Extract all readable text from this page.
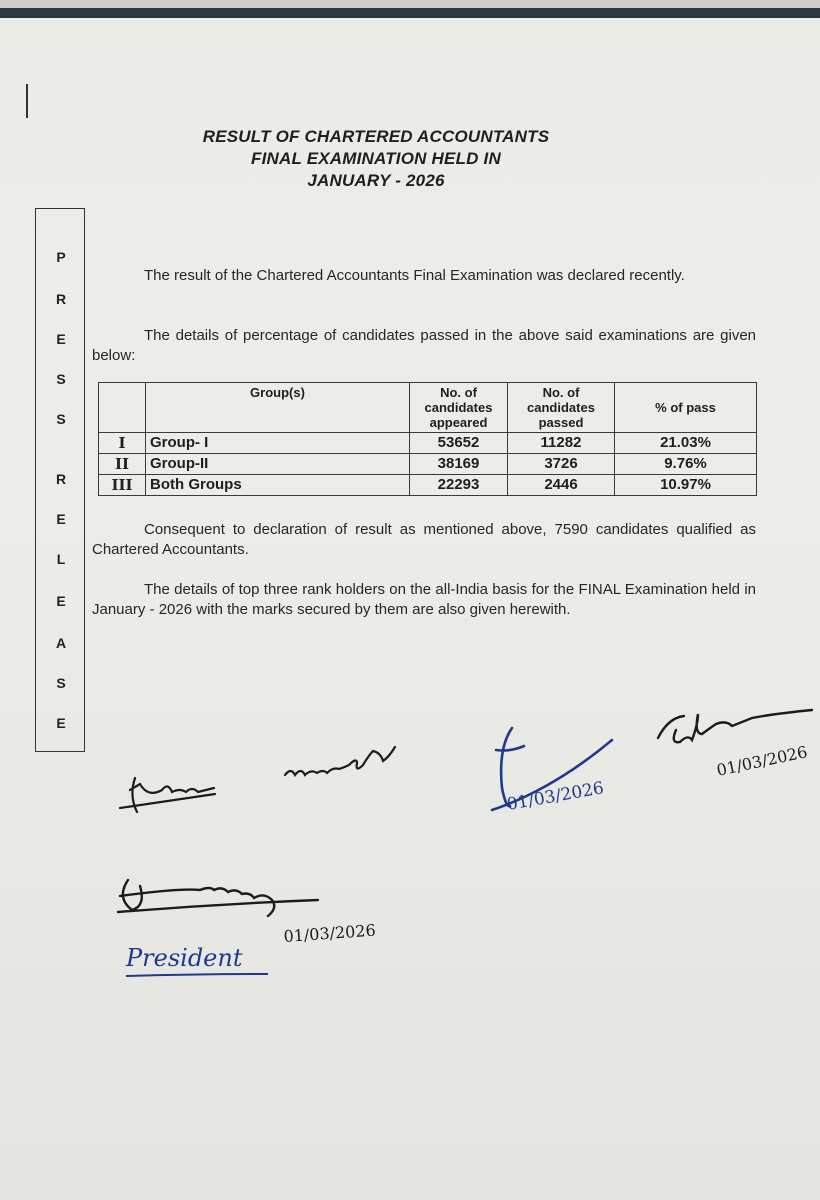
RESULT OF CHARTERED ACCOUNTANTS
FINAL EXAMINATION HELD IN
JANUARY - 2026
P
R
E
S
S
R
E
L
E
A
S
E
The result of the Chartered Accountants Final Examination was declared recently.
The details of percentage of candidates passed in the above said examinations are given below:
	Group(s)	No. of candidates appeared	No. of candidates passed	% of pass
I	Group- I	53652	11282	21.03%
II	Group-II	38169	3726	9.76%
III	Both Groups	22293	2446	10.97%
Consequent to declaration of result as mentioned above, 7590 candidates qualified as Chartered Accountants.
The details of top three rank holders on the all-India basis for the FINAL Examination held in January - 2026 with the marks secured by them are also given herewith.
01/03/2026
01/03/2026
01/03/2026
President
